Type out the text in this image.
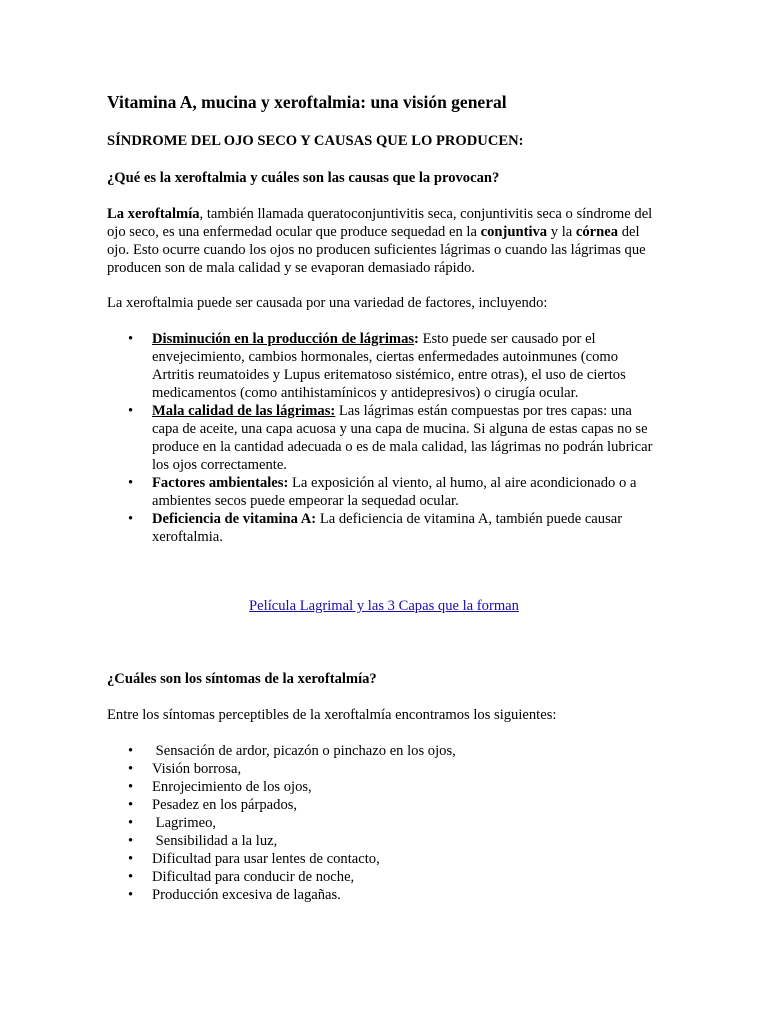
Vitamina A, mucina y xeroftalmia: una visión general

SÍNDROME DEL OJO SECO Y CAUSAS QUE LO PRODUCEN:

¿Qué es la xeroftalmia y cuáles son las causas que la provocan?

La xeroftalmía, también llamada queratoconjuntivitis seca, conjuntivitis seca o síndrome del ojo seco, es una enfermedad ocular que produce sequedad en la conjuntiva y la córnea del ojo. Esto ocurre cuando los ojos no producen suficientes lágrimas o cuando las lágrimas que producen son de mala calidad y se evaporan demasiado rápido.

La xeroftalmia puede ser causada por una variedad de factores, incluyendo:

• Disminución en la producción de lágrimas: Esto puede ser causado por el envejecimiento, cambios hormonales, ciertas enfermedades autoinmunes (como Artritis reumatoides y Lupus eritematoso sistémico, entre otras), el uso de ciertos medicamentos (como antihistamínicos y antidepresivos) o cirugía ocular.
• Mala calidad de las lágrimas: Las lágrimas están compuestas por tres capas: una capa de aceite, una capa acuosa y una capa de mucina. Si alguna de estas capas no se produce en la cantidad adecuada o es de mala calidad, las lágrimas no podrán lubricar los ojos correctamente.
• Factores ambientales: La exposición al viento, al humo, al aire acondicionado o a ambientes secos puede empeorar la sequedad ocular.
• Deficiencia de vitamina A: La deficiencia de vitamina A, también puede causar xeroftalmia.
Película Lagrimal y las 3 Capas que la forman

¿Cuáles son los síntomas de la xeroftalmía?

Entre los síntomas perceptibles de la xeroftalmía encontramos los siguientes:

• Sensación de ardor, picazón o pinchazo en los ojos,
• Visión borrosa,
• Enrojecimiento de los ojos,
• Pesadez en los párpados,
• Lagrimeo,
• Sensibilidad a la luz,
• Dificultad para usar lentes de contacto,
• Dificultad para conducir de noche,
• Producción excesiva de lagañas.
